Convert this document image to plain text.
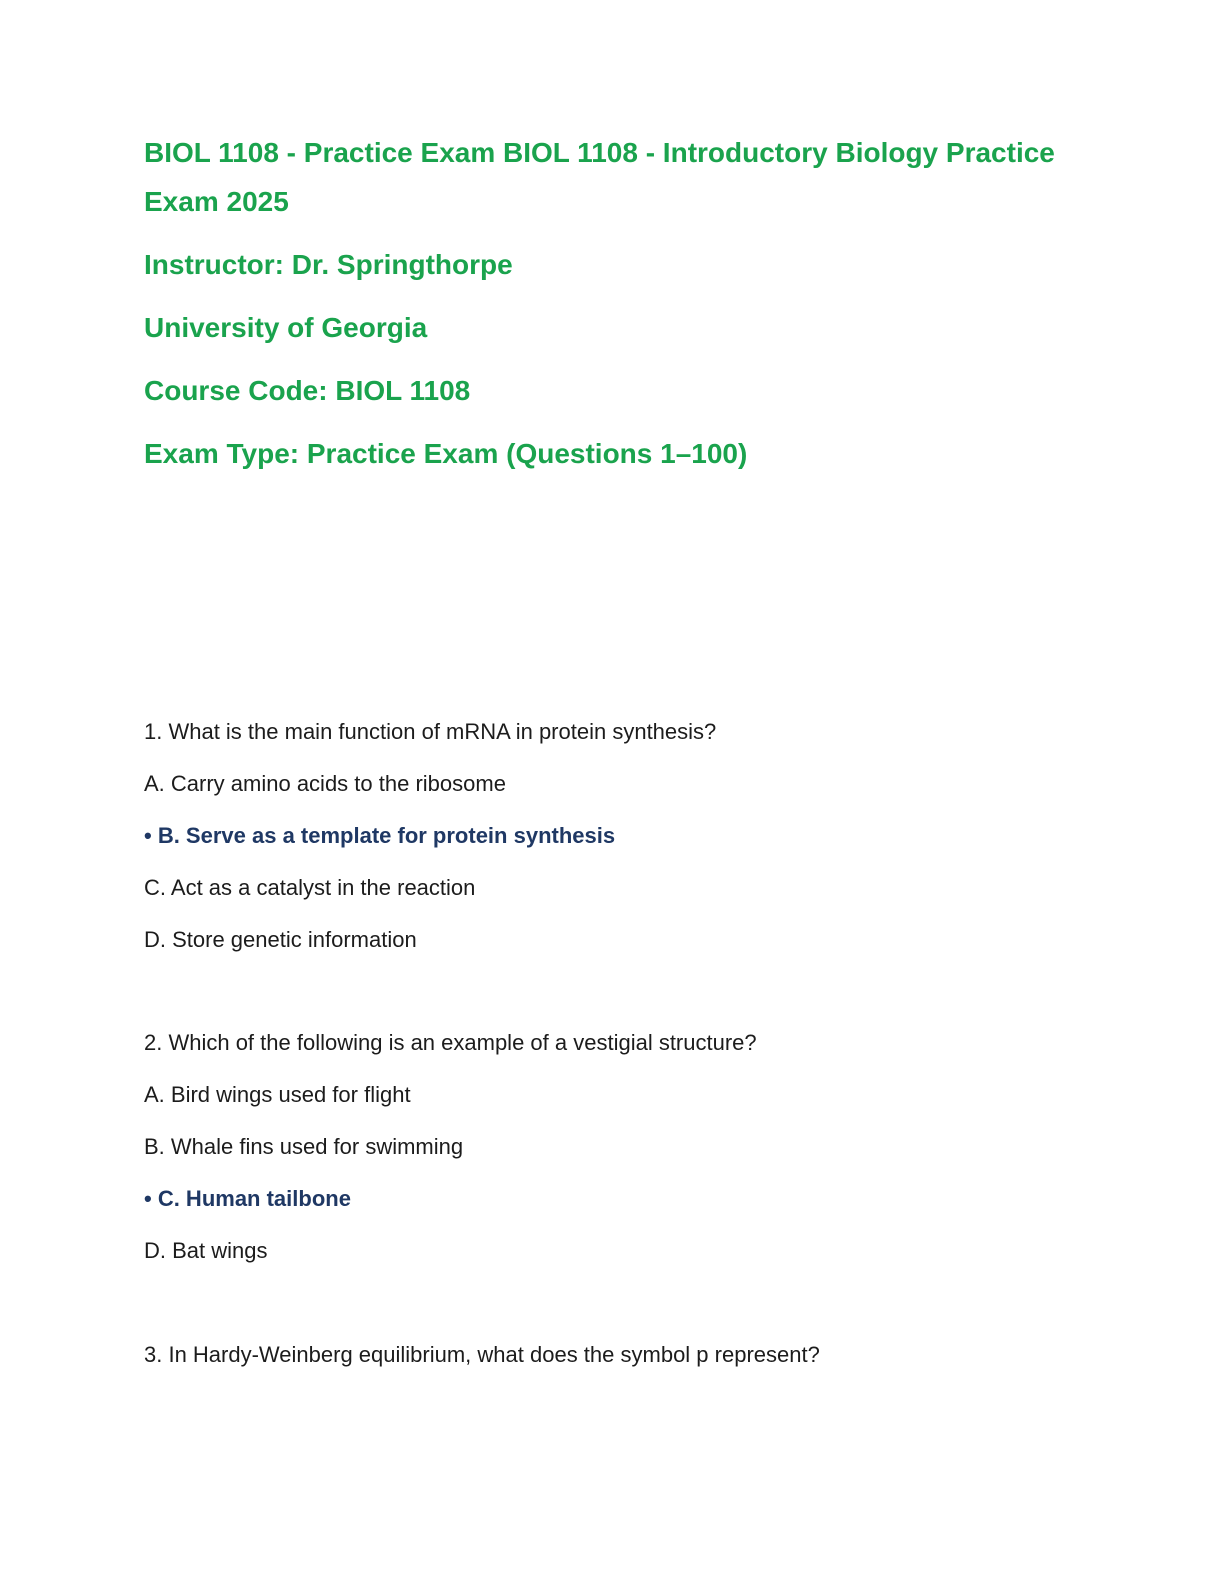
BIOL 1108 - Practice Exam BIOL 1108 - Introductory Biology Practice Exam 2025

Instructor: Dr. Springthorpe

University of Georgia

Course Code: BIOL 1108

Exam Type: Practice Exam (Questions 1–100)

1. What is the main function of mRNA in protein synthesis?

A. Carry amino acids to the ribosome

• B. Serve as a template for protein synthesis

C. Act as a catalyst in the reaction

D. Store genetic information

2. Which of the following is an example of a vestigial structure?

A. Bird wings used for flight

B. Whale fins used for swimming

• C. Human tailbone

D. Bat wings

3. In Hardy-Weinberg equilibrium, what does the symbol p represent?
